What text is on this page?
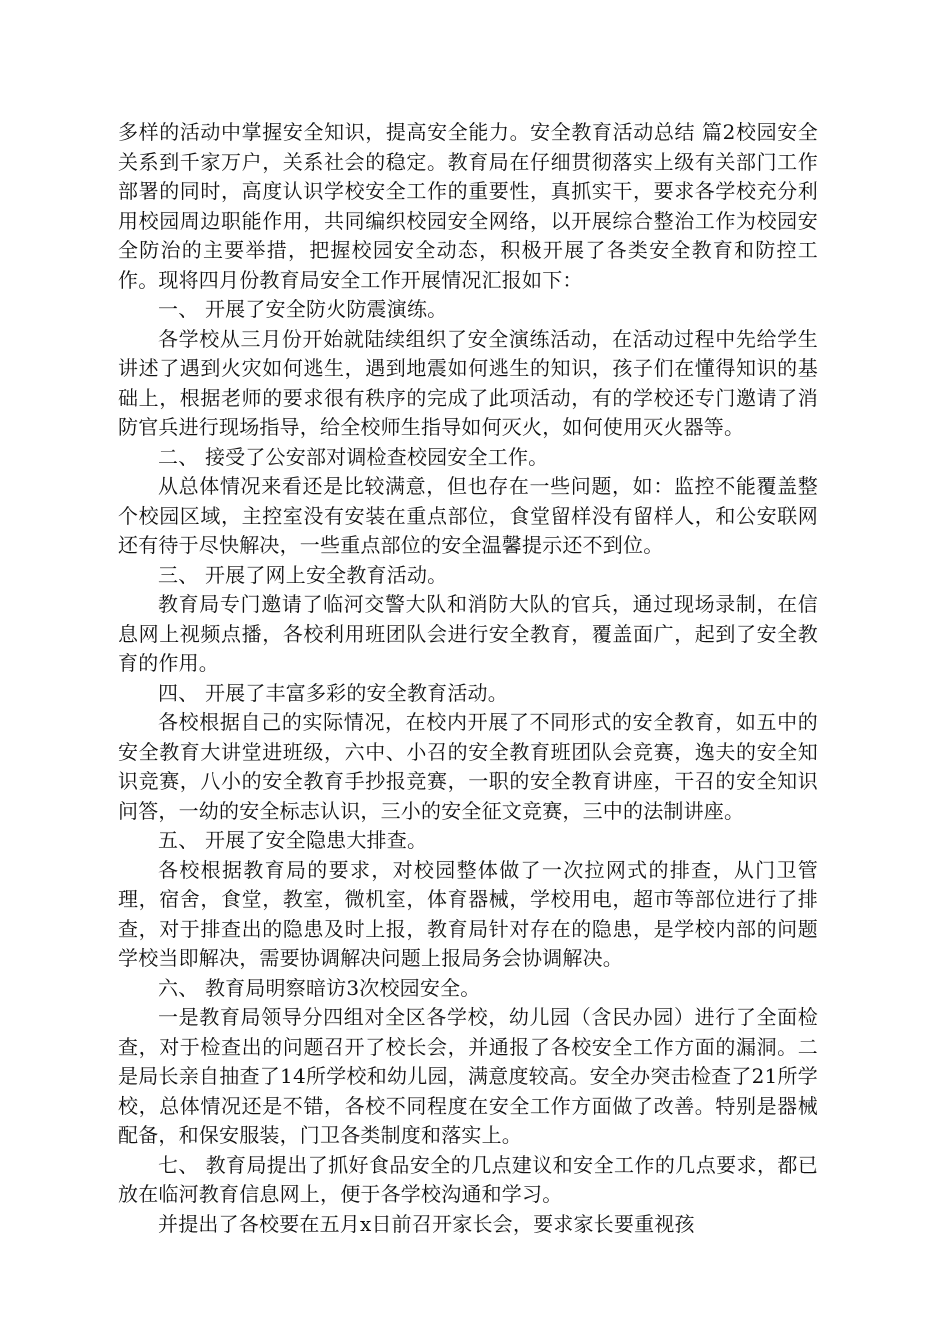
多样的活动中掌握安全知识，提高安全能力。安全教育活动总结 篇2校园安全关系到千家万户，关系社会的稳定。教育局在仔细贯彻落实上级有关部门工作部署的同时，高度认识学校安全工作的重要性，真抓实干，要求各学校充分利用校园周边职能作用，共同编织校园安全网络，以开展综合整治工作为校园安全防治的主要举措，把握校园安全动态，积极开展了各类安全教育和防控工作。现将四月份教育局安全工作开展情况汇报如下：

一、 开展了安全防火防震演练。

各学校从三月份开始就陆续组织了安全演练活动，在活动过程中先给学生讲述了遇到火灾如何逃生，遇到地震如何逃生的知识，孩子们在懂得知识的基础上，根据老师的要求很有秩序的完成了此项活动，有的学校还专门邀请了消防官兵进行现场指导，给全校师生指导如何灭火，如何使用灭火器等。

二、 接受了公安部对调检查校园安全工作。

从总体情况来看还是比较满意，但也存在一些问题，如：监控不能覆盖整个校园区域，主控室没有安装在重点部位，食堂留样没有留样人，和公安联网还有待于尽快解决，一些重点部位的安全温馨提示还不到位。

三、 开展了网上安全教育活动。

教育局专门邀请了临河交警大队和消防大队的官兵，通过现场录制，在信息网上视频点播，各校利用班团队会进行安全教育，覆盖面广，起到了安全教育的作用。

四、 开展了丰富多彩的安全教育活动。

各校根据自己的实际情况，在校内开展了不同形式的安全教育，如五中的安全教育大讲堂进班级，六中、小召的安全教育班团队会竞赛，逸夫的安全知识竞赛，八小的安全教育手抄报竞赛，一职的安全教育讲座，干召的安全知识问答，一幼的安全标志认识，三小的安全征文竞赛，三中的法制讲座。

五、 开展了安全隐患大排查。

各校根据教育局的要求，对校园整体做了一次拉网式的排查，从门卫管理，宿舍，食堂，教室，微机室，体育器械，学校用电，超市等部位进行了排查，对于排查出的隐患及时上报，教育局针对存在的隐患，是学校内部的问题学校当即解决，需要协调解决问题上报局务会协调解决。

六、 教育局明察暗访3次校园安全。

一是教育局领导分四组对全区各学校，幼儿园（含民办园）进行了全面检查，对于检查出的问题召开了校长会，并通报了各校安全工作方面的漏洞。二是局长亲自抽查了14所学校和幼儿园，满意度较高。安全办突击检查了21所学校，总体情况还是不错，各校不同程度在安全工作方面做了改善。特别是器械配备，和保安服装，门卫各类制度和落实上。

七、 教育局提出了抓好食品安全的几点建议和安全工作的几点要求，都已放在临河教育信息网上，便于各学校沟通和学习。

并提出了各校要在五月x日前召开家长会，要求家长要重视孩
